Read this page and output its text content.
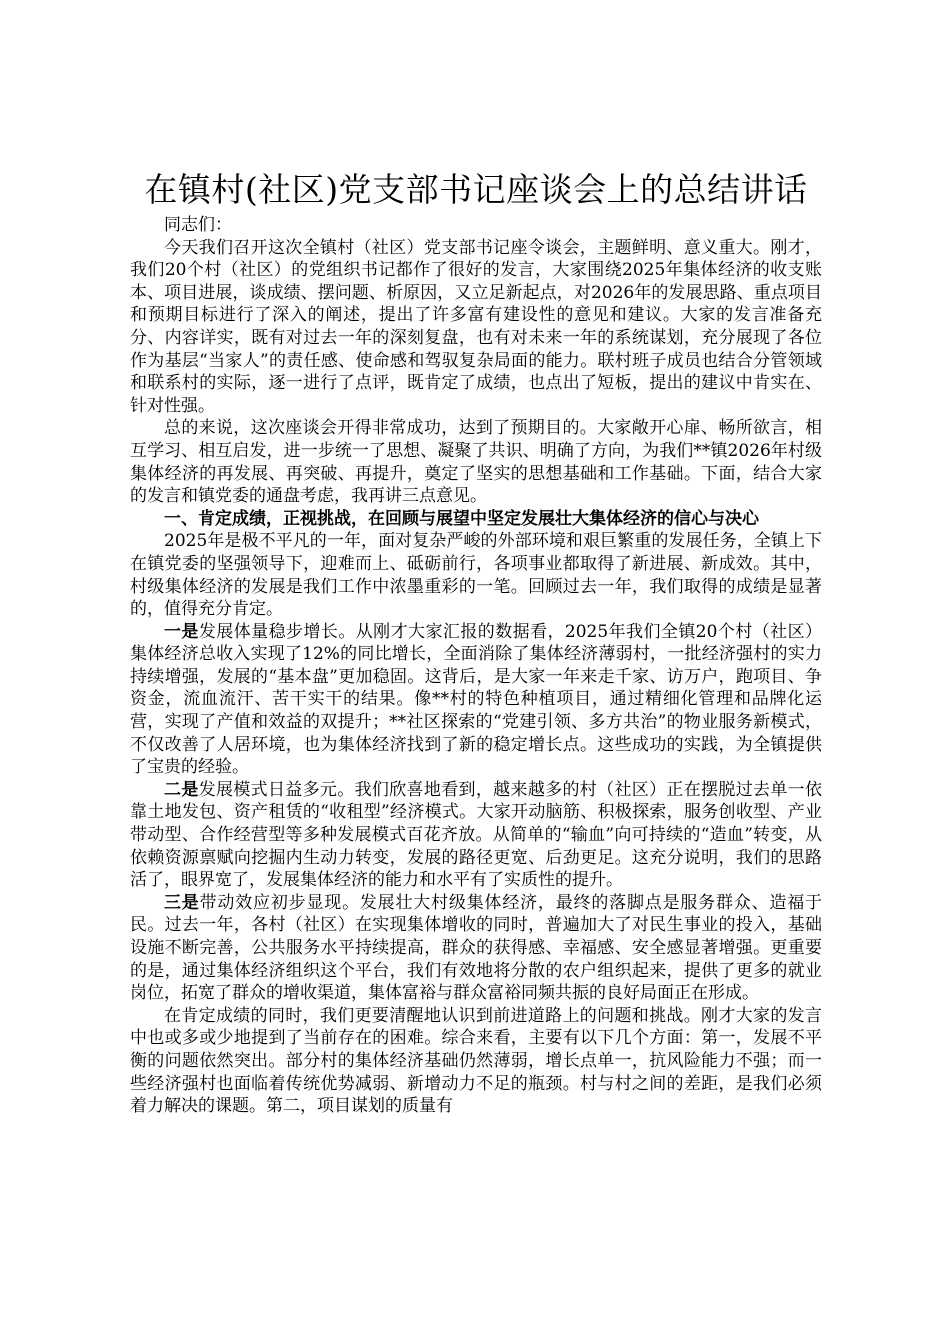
在镇村(社区)党支部书记座谈会上的总结讲话

同志们：

今天我们召开这次全镇村（社区）党支部书记座令谈会，主题鲜明、意义重大。刚才，我们20个村（社区）的党组织书记都作了很好的发言，大家围绕2025年集体经济的收支账本、项目进展，谈成绩、摆问题、析原因，又立足新起点，对2026年的发展思路、重点项目和预期目标进行了深入的阐述，提出了许多富有建设性的意见和建议。大家的发言准备充分、内容详实，既有对过去一年的深刻复盘，也有对未来一年的系统谋划，充分展现了各位作为基层“当家人”的责任感、使命感和驾驭复杂局面的能力。联村班子成员也结合分管领域和联系村的实际，逐一进行了点评，既肯定了成绩，也点出了短板，提出的建议中肯实在、针对性强。

总的来说，这次座谈会开得非常成功，达到了预期目的。大家敞开心扉、畅所欲言，相互学习、相互启发，进一步统一了思想、凝聚了共识、明确了方向，为我们**镇2026年村级集体经济的再发展、再突破、再提升，奠定了坚实的思想基础和工作基础。下面，结合大家的发言和镇党委的通盘考虑，我再讲三点意见。

一、肯定成绩，正视挑战，在回顾与展望中坚定发展壮大集体经济的信心与决心

2025年是极不平凡的一年，面对复杂严峻的外部环境和艰巨繁重的发展任务，全镇上下在镇党委的坚强领导下，迎难而上、砥砺前行，各项事业都取得了新进展、新成效。其中，村级集体经济的发展是我们工作中浓墨重彩的一笔。回顾过去一年，我们取得的成绩是显著的，值得充分肯定。

一是发展体量稳步增长。从刚才大家汇报的数据看，2025年我们全镇20个村（社区）集体经济总收入实现了12%的同比增长，全面消除了集体经济薄弱村，一批经济强村的实力持续增强，发展的“基本盘”更加稳固。这背后，是大家一年来走千家、访万户，跑项目、争资金，流血流汗、苦干实干的结果。像**村的特色种植项目，通过精细化管理和品牌化运营，实现了产值和效益的双提升；**社区探索的“党建引领、多方共治”的物业服务新模式，不仅改善了人居环境，也为集体经济找到了新的稳定增长点。这些成功的实践，为全镇提供了宝贵的经验。

二是发展模式日益多元。我们欣喜地看到，越来越多的村（社区）正在摆脱过去单一依靠土地发包、资产租赁的“收租型”经济模式。大家开动脑筋、积极探索，服务创收型、产业带动型、合作经营型等多种发展模式百花齐放。从简单的“输血”向可持续的“造血”转变，从依赖资源禀赋向挖掘内生动力转变，发展的路径更宽、后劲更足。这充分说明，我们的思路活了，眼界宽了，发展集体经济的能力和水平有了实质性的提升。

三是带动效应初步显现。发展壮大村级集体经济，最终的落脚点是服务群众、造福于民。过去一年，各村（社区）在实现集体增收的同时，普遍加大了对民生事业的投入，基础设施不断完善，公共服务水平持续提高，群众的获得感、幸福感、安全感显著增强。更重要的是，通过集体经济组织这个平台，我们有效地将分散的农户组织起来，提供了更多的就业岗位，拓宽了群众的增收渠道，集体富裕与群众富裕同频共振的良好局面正在形成。

在肯定成绩的同时，我们更要清醒地认识到前进道路上的问题和挑战。刚才大家的发言中也或多或少地提到了当前存在的困难。综合来看，主要有以下几个方面：第一，发展不平衡的问题依然突出。部分村的集体经济基础仍然薄弱，增长点单一，抗风险能力不强；而一些经济强村也面临着传统优势减弱、新增动力不足的瓶颈。村与村之间的差距，是我们必须着力解决的课题。第二，项目谋划的质量有
